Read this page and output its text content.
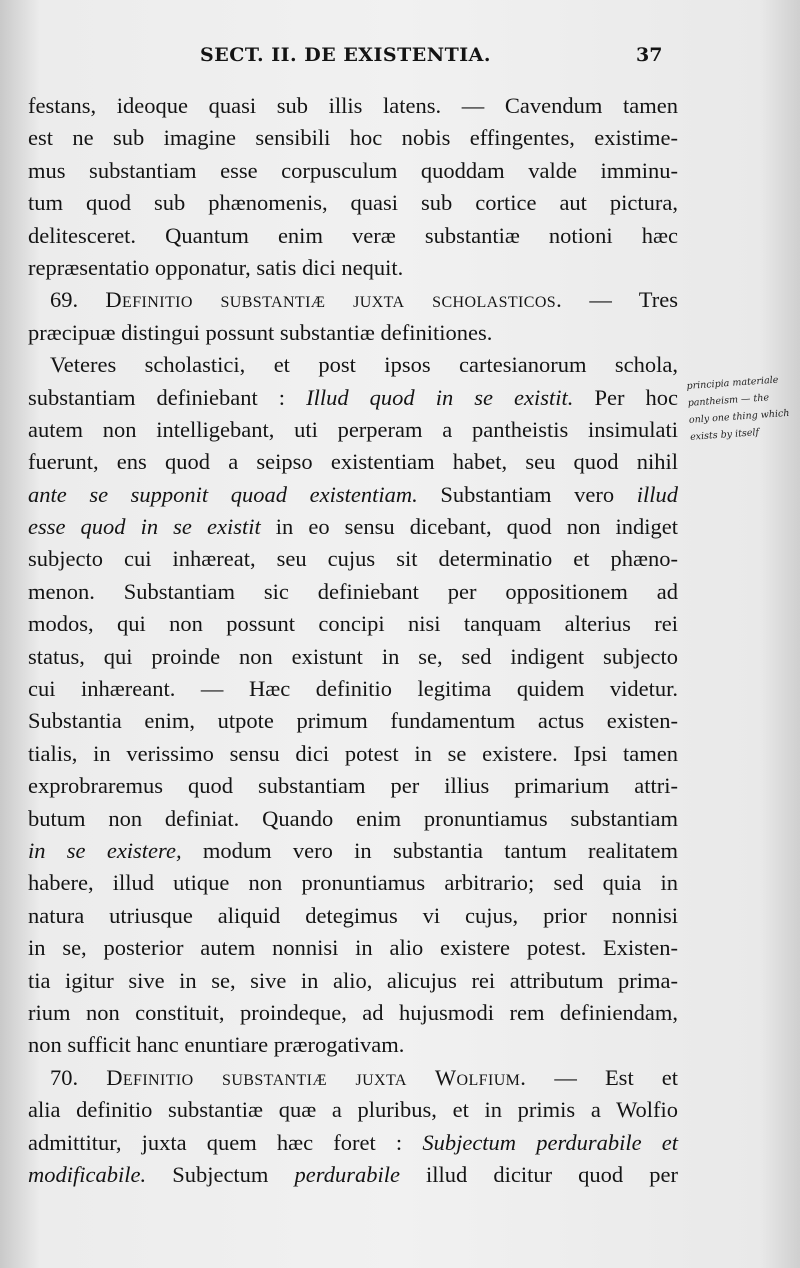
SECT. II. DE EXISTENTIA.	37
festans, ideoque quasi sub illis latens. — Cavendum tamen
est ne sub imagine sensibili hoc nobis effingentes, existime-
mus substantiam esse corpusculum quoddam valde imminu-
tum quod sub phænomenis, quasi sub cortice aut pictura,
delitesceret. Quantum enim veræ substantiæ notioni hæc
repræsentatio opponatur, satis dici nequit.
69. Definitio substantiæ juxta scholasticos. — Tres
præcipuæ distingui possunt substantiæ definitiones.
Veteres scholastici, et post ipsos cartesianorum schola,
substantiam definiebant : Illud quod in se existit. Per hoc
autem non intelligebant, uti perperam a pantheistis insimulati
fuerunt, ens quod a seipso existentiam habet, seu quod nihil
ante se supponit quoad existentiam. Substantiam vero illud
esse quod in se existit in eo sensu dicebant, quod non indiget
subjecto cui inhæreat, seu cujus sit determinatio et phæno-
menon. Substantiam sic definiebant per oppositionem ad
modos, qui non possunt concipi nisi tanquam alterius rei
status, qui proinde non existunt in se, sed indigent subjecto
cui inhæreant. — Hæc definitio legitima quidem videtur.
Substantia enim, utpote primum fundamentum actus existen-
tialis, in verissimo sensu dici potest in se existere. Ipsi tamen
exprobraremus quod substantiam per illius primarium attri-
butum non definiat. Quando enim pronuntiamus substantiam
in se existere, modum vero in substantia tantum realitatem
habere, illud utique non pronuntiamus arbitrario; sed quia in
natura utriusque aliquid detegimus vi cujus, prior nonnisi
in se, posterior autem nonnisi in alio existere potest. Existen-
tia igitur sive in se, sive in alio, alicujus rei attributum prima-
rium non constituit, proindeque, ad hujusmodi rem definiendam,
non sufficit hanc enuntiare prærogativam.
70. Definitio substantiæ juxta Wolfium. — Est et
alia definitio substantiæ quæ a pluribus, et in primis a Wolfio
admittitur, juxta quem hæc foret : Subjectum perdurabile et
modificabile. Subjectum perdurabile illud dicitur quod per
principia materiale
pantheism — the
only one thing which
exists by itself
